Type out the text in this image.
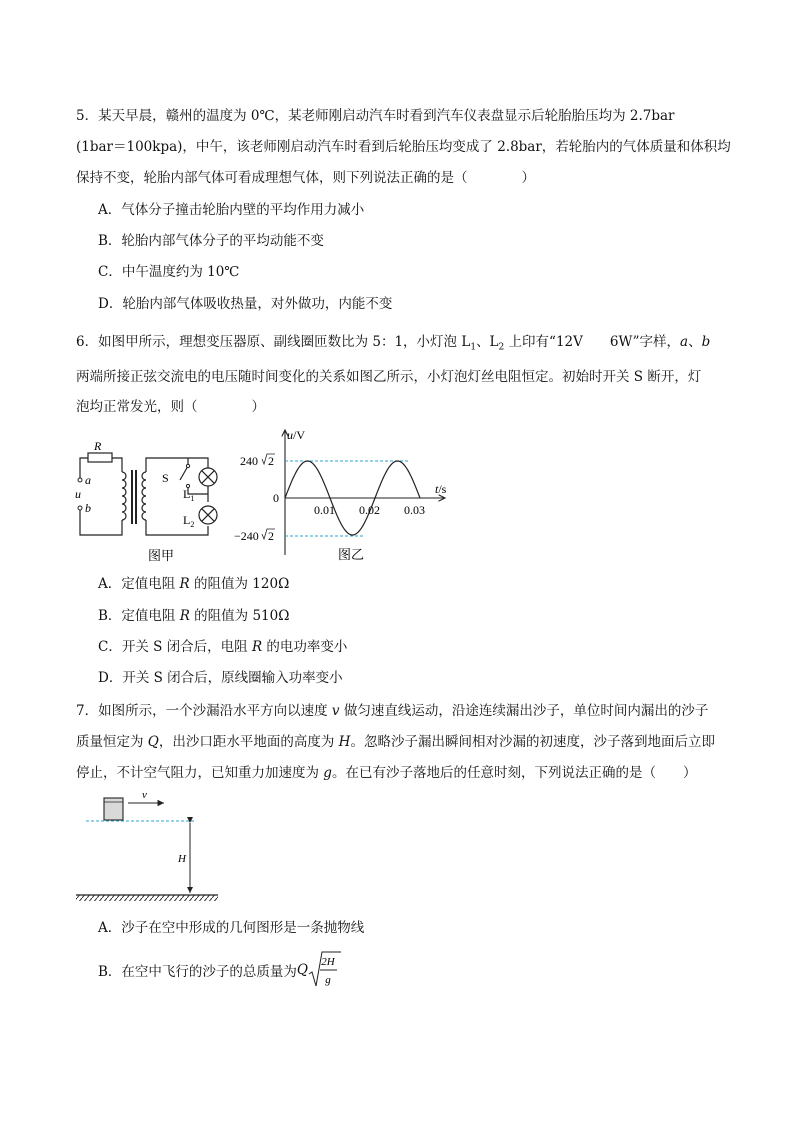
5．某天早晨，赣州的温度为 0℃，某老师刚启动汽车时看到汽车仪表盘显示后轮胎胎压均为 2.7bar
(1bar＝100kpa)，中午，该老师刚启动汽车时看到后轮胎压均变成了 2.8bar，若轮胎内的气体质量和体积均
保持不变，轮胎内部气体可看成理想气体，则下列说法正确的是（　　　　）
A．气体分子撞击轮胎内壁的平均作用力减小
B．轮胎内部气体分子的平均动能不变
C．中午温度约为 10℃
D．轮胎内部气体吸收热量，对外做功，内能不变
6．如图甲所示，理想变压器原、副线圈匝数比为 5：1，小灯泡 $L_1$、$L_2$ 上印有“12V　　6W”字样，a、b
两端所接正弦交流电的电压随时间变化的关系如图乙所示，小灯泡灯丝电阻恒定。初始时开关 S 断开，灯
泡均正常发光，则（　　　　）
R
a
u
b
S
$L_1$
$L_2$
图甲
u/V
t/s
240 2
0
−240 2
0.01 0.02 0.03
图乙
A．定值电阻 R 的阻值为 120Ω
B．定值电阻 R 的阻值为 510Ω
C．开关 S 闭合后，电阻 R 的电功率变小
D．开关 S 闭合后，原线圈输入功率变小
7．如图所示，一个沙漏沿水平方向以速度 v 做匀速直线运动，沿途连续漏出沙子，单位时间内漏出的沙子
质量恒定为 Q，出沙口距水平地面的高度为 H。忽略沙子漏出瞬间相对沙漏的初速度，沙子落到地面后立即
停止，不计空气阻力，已知重力加速度为 g。在已有沙子落地后的任意时刻，下列说法正确的是（　　）
v
H
A．沙子在空中形成的几何图形是一条抛物线
B．在空中飞行的沙子的总质量为 Q 2H
g
